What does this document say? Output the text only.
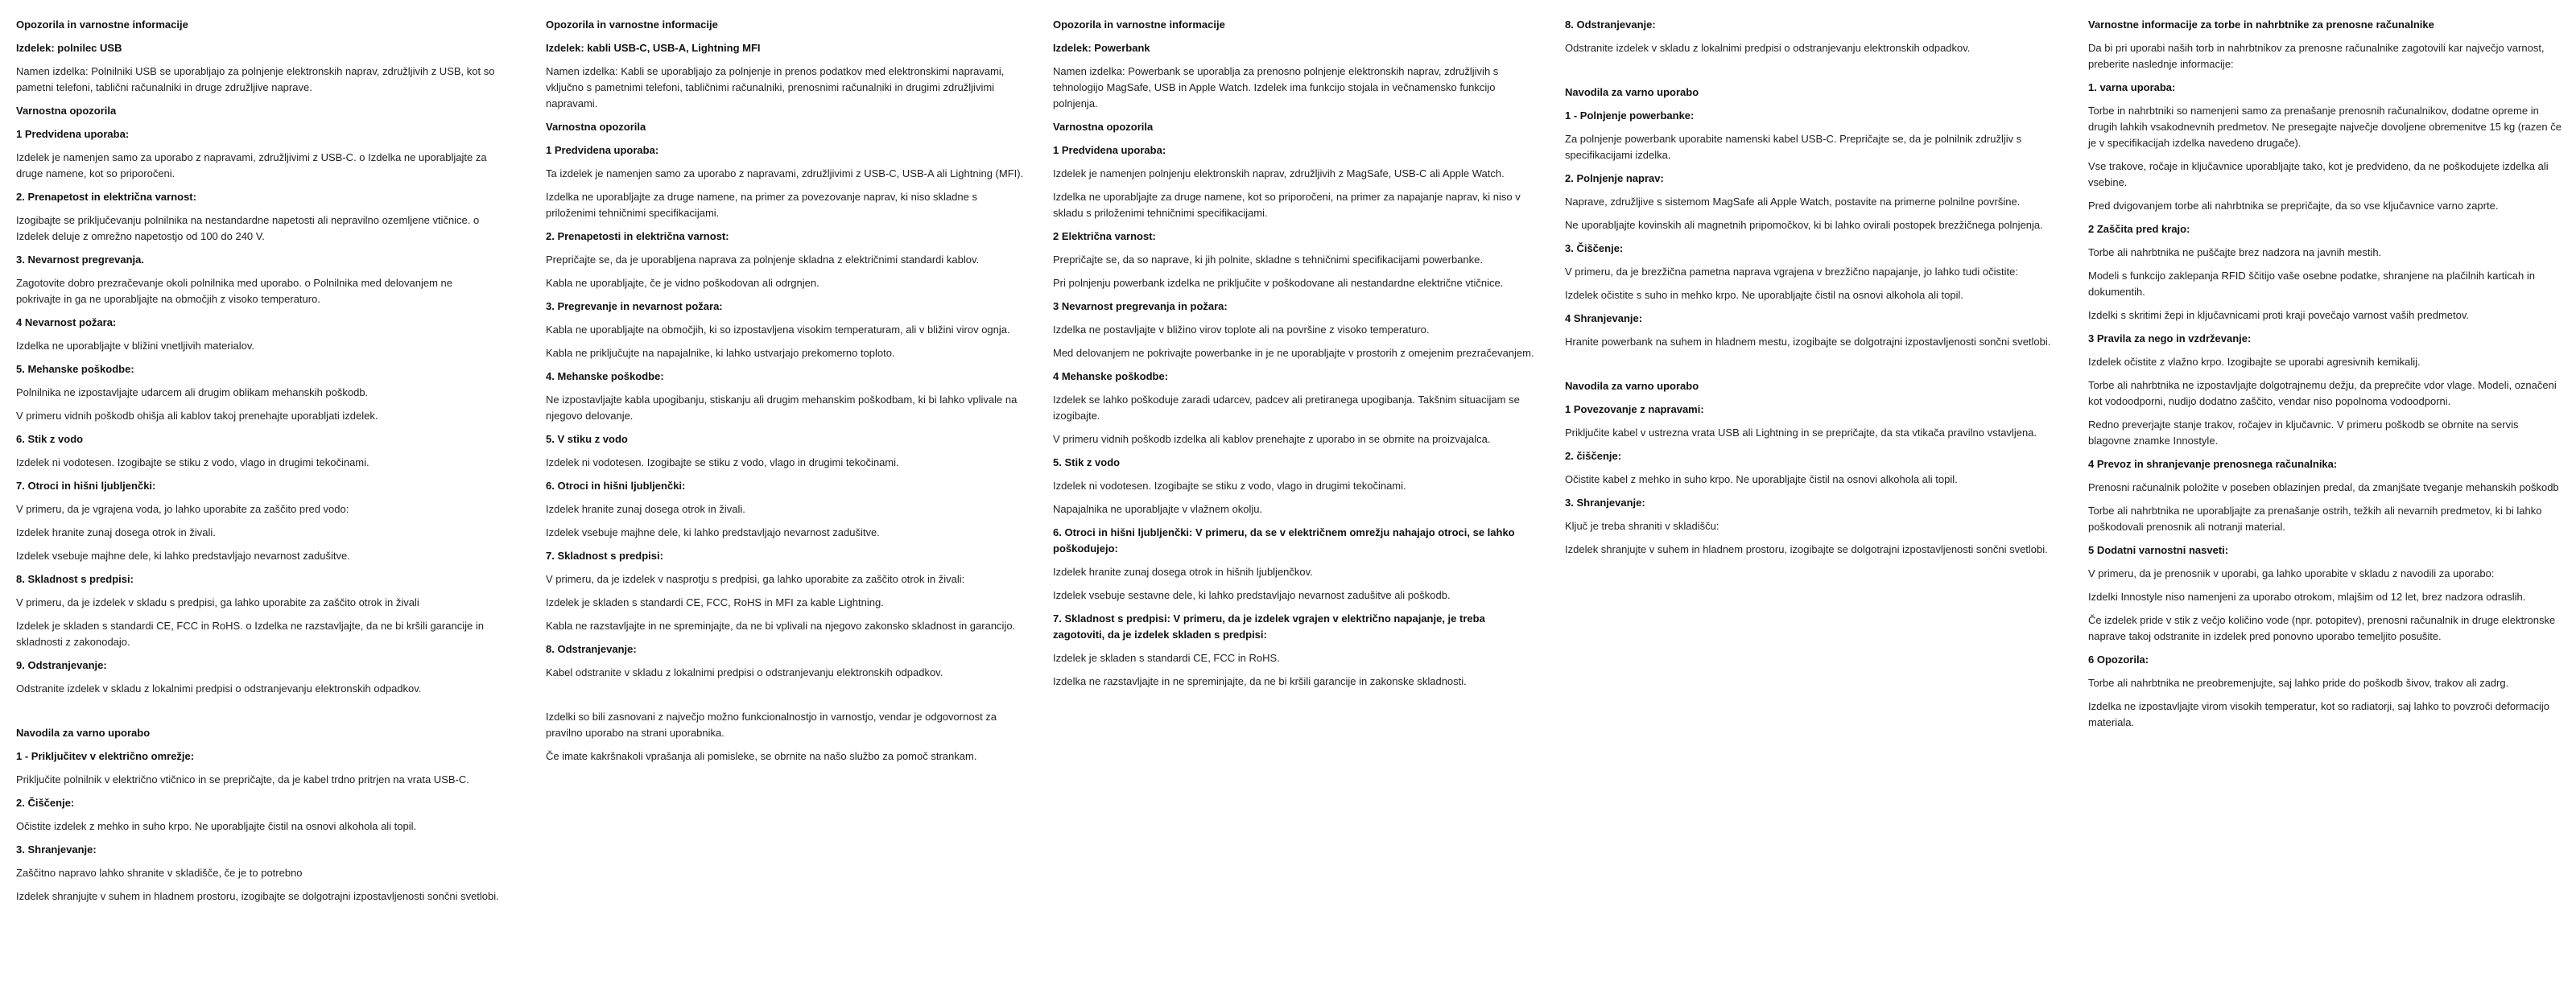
Opozorila in varnostne informacije
Izdelek: polnilec USB

Namen izdelka: Polnilniki USB se uporabljajo za polnjenje elektronskih naprav, združljivih z USB, kot so pametni telefoni, tablični računalniki in druge združljive naprave.

Varnostna opozorila
1 Predvidena uporaba:

Izdelek je namenjen samo za uporabo z napravami, združljivimi z USB-C. o Izdelka ne uporabljajte za druge namene, kot so priporočeni.

2. Prenapetost in električna varnost:

Izogibajte se priključevanju polnilnika na nestandardne napetosti ali nepravilno ozemljene vtičnice. o Izdelek deluje z omrežno napetostjo od 100 do 240 V.

3. Nevarnost pregrevanja.

Zagotovite dobro prezračevanje okoli polnilnika med uporabo. o Polnilnika med delovanjem ne pokrivajte in ga ne uporabljajte na območjih z visoko temperaturo.

4 Nevarnost požara:

Izdelka ne uporabljajte v bližini vnetljivih materialov.

5. Mehanske poškodbe:

Polnilnika ne izpostavljajte udarcem ali drugim oblikam mehanskih poškodb.

V primeru vidnih poškodb ohišja ali kablov takoj prenehajte uporabljati izdelek.

6. Stik z vodo

Izdelek ni vodotesen. Izogibajte se stiku z vodo, vlago in drugimi tekočinami.

7. Otroci in hišni ljubljenčki:

V primeru, da je vgrajena voda, jo lahko uporabite za zaščito pred vodo:

Izdelek hranite zunaj dosega otrok in živali.

Izdelek vsebuje majhne dele, ki lahko predstavljajo nevarnost zadušitve.

8. Skladnost s predpisi:

V primeru, da je izdelek v skladu s predpisi, ga lahko uporabite za zaščito otrok in živali

Izdelek je skladen s standardi CE, FCC in RoHS. o Izdelka ne razstavljajte, da ne bi kršili garancije in skladnosti z zakonodajo.

9. Odstranjevanje:

Odstranite izdelek v skladu z lokalnimi predpisi o odstranjevanju elektronskih odpadkov.

Navodila za varno uporabo
1 - Priključitev v električno omrežje:

Priključite polnilnik v električno vtičnico in se prepričajte, da je kabel trdno pritrjen na vrata USB-C.

2. Čiščenje:

Očistite izdelek z mehko in suho krpo. Ne uporabljajte čistil na osnovi alkohola ali topil.

3. Shranjevanje:

Zaščitno napravo lahko shranite v skladišče, če je to potrebno

Izdelek shranjujte v suhem in hladnem prostoru, izogibajte se dolgotrajni izpostavljenosti sončni svetlobi.

Opozorila in varnostne informacije
Izdelek: kabli USB-C, USB-A, Lightning MFI

Namen izdelka: Kabli se uporabljajo za polnjenje in prenos podatkov med elektronskimi napravami, vključno s pametnimi telefoni, tabličnimi računalniki, prenosnimi računalniki in drugimi združljivimi napravami.

Varnostna opozorila
1 Predvidena uporaba:

Ta izdelek je namenjen samo za uporabo z napravami, združljivimi z USB-C, USB-A ali Lightning (MFI).

Izdelka ne uporabljajte za druge namene, na primer za povezovanje naprav, ki niso skladne s priloženimi tehničnimi specifikacijami.

2. Prenapetosti in električna varnost:

Prepričajte se, da je uporabljena naprava za polnjenje skladna z električnimi standardi kablov.

Kabla ne uporabljajte, če je vidno poškodovan ali odrgnjen.

3. Pregrevanje in nevarnost požara:

Kabla ne uporabljajte na območjih, ki so izpostavljena visokim temperaturam, ali v bližini virov ognja.

Kabla ne priključujte na napajalnike, ki lahko ustvarjajo prekomerno toploto.

4. Mehanske poškodbe:

Ne izpostavljajte kabla upogibanju, stiskanju ali drugim mehanskim poškodbam, ki bi lahko vplivale na njegovo delovanje.

5. V stiku z vodo

Izdelek ni vodotesen. Izogibajte se stiku z vodo, vlago in drugimi tekočinami.

6. Otroci in hišni ljubljenčki:

Izdelek hranite zunaj dosega otrok in živali.

Izdelek vsebuje majhne dele, ki lahko predstavljajo nevarnost zadušitve.

7. Skladnost s predpisi:

V primeru, da je izdelek v nasprotju s predpisi, ga lahko uporabite za zaščito otrok in živali:

Izdelek je skladen s standardi CE, FCC, RoHS in MFI za kable Lightning.

Kabla ne razstavljajte in ne spreminjajte, da ne bi vplivali na njegovo zakonsko skladnost in garancijo.

8. Odstranjevanje:

Kabel odstranite v skladu z lokalnimi predpisi o odstranjevanju elektronskih odpadkov.

Izdelki so bili zasnovani z največjo možno funkcionalnostjo in varnostjo, vendar je odgovornost za pravilno uporabo na strani uporabnika.

Če imate kakršnakoli vprašanja ali pomisleke, se obrnite na našo službo za pomoč strankam.

Opozorila in varnostne informacije
Izdelek: Powerbank

Namen izdelka: Powerbank se uporablja za prenosno polnjenje elektronskih naprav, združljivih s tehnologijo MagSafe, USB in Apple Watch. Izdelek ima funkcijo stojala in večnamensko funkcijo polnjenja.

Varnostna opozorila
1 Predvidena uporaba:

Izdelek je namenjen polnjenju elektronskih naprav, združljivih z MagSafe, USB-C ali Apple Watch.

Izdelka ne uporabljajte za druge namene, kot so priporočeni, na primer za napajanje naprav, ki niso v skladu s priloženimi tehničnimi specifikacijami.

2 Električna varnost:

Prepričajte se, da so naprave, ki jih polnite, skladne s tehničnimi specifikacijami powerbanke.

Pri polnjenju powerbank izdelka ne priključite v poškodovane ali nestandardne električne vtičnice.

3 Nevarnost pregrevanja in požara:

Izdelka ne postavljajte v bližino virov toplote ali na površine z visoko temperaturo.

Med delovanjem ne pokrivajte powerbanke in je ne uporabljajte v prostorih z omejenim prezračevanjem.

4 Mehanske poškodbe:

Izdelek se lahko poškoduje zaradi udarcev, padcev ali pretiranega upogibanja. Takšnim situacijam se izogibajte.

V primeru vidnih poškodb izdelka ali kablov prenehajte z uporabo in se obrnite na proizvajalca.

5. Stik z vodo

Izdelek ni vodotesen. Izogibajte se stiku z vodo, vlago in drugimi tekočinami.

Napajalnika ne uporabljajte v vlažnem okolju.

6. Otroci in hišni ljubljenčki: V primeru, da se v električnem omrežju nahajajo otroci, se lahko poškodujejo:

Izdelek hranite zunaj dosega otrok in hišnih ljubljenčkov.

Izdelek vsebuje sestavne dele, ki lahko predstavljajo nevarnost zadušitve ali poškodb.

7. Skladnost s predpisi: V primeru, da je izdelek vgrajen v električno napajanje, je treba zagotoviti, da je izdelek skladen s predpisi:

Izdelek je skladen s standardi CE, FCC in RoHS.

Izdelka ne razstavljajte in ne spreminjajte, da ne bi kršili garancije in zakonske skladnosti.

8. Odstranjevanje:

Odstranite izdelek v skladu z lokalnimi predpisi o odstranjevanju elektronskih odpadkov.

Navodila za varno uporabo
1 - Polnjenje powerbanke:

Za polnjenje powerbank uporabite namenski kabel USB-C. Prepričajte se, da je polnilnik združljiv s specifikacijami izdelka.

2. Polnjenje naprav:

Naprave, združljive s sistemom MagSafe ali Apple Watch, postavite na primerne polnilne površine.

Ne uporabljajte kovinskih ali magnetnih pripomočkov, ki bi lahko ovirali postopek brezžičnega polnjenja.

3. Čiščenje:

V primeru, da je brezžična pametna naprava vgrajena v brezžično napajanje, jo lahko tudi očistite:

Izdelek očistite s suho in mehko krpo. Ne uporabljajte čistil na osnovi alkohola ali topil.

4 Shranjevanje:

Hranite powerbank na suhem in hladnem mestu, izogibajte se dolgotrajni izpostavljenosti sončni svetlobi.

Navodila za varno uporabo
1 Povezovanje z napravami:

Priključite kabel v ustrezna vrata USB ali Lightning in se prepričajte, da sta vtikača pravilno vstavljena.

2. čiščenje:

Očistite kabel z mehko in suho krpo. Ne uporabljajte čistil na osnovi alkohola ali topil.

3. Shranjevanje:

Ključ je treba shraniti v skladišču:

Izdelek shranjujte v suhem in hladnem prostoru, izogibajte se dolgotrajni izpostavljenosti sončni svetlobi.

Varnostne informacije za torbe in nahrbtnike za prenosne računalnike

Da bi pri uporabi naših torb in nahrbtnikov za prenosne računalnike zagotovili kar največjo varnost, preberite naslednje informacije:

1. varna uporaba:

Torbe in nahrbtniki so namenjeni samo za prenašanje prenosnih računalnikov, dodatne opreme in drugih lahkih vsakodnevnih predmetov. Ne presegajte največje dovoljene obremenitve 15 kg (razen če je v specifikacijah izdelka navedeno drugače).

Vse trakove, ročaje in ključavnice uporabljajte tako, kot je predvideno, da ne poškodujete izdelka ali vsebine.

Pred dvigovanjem torbe ali nahrbtnika se prepričajte, da so vse ključavnice varno zaprte.

2 Zaščita pred krajo:

Torbe ali nahrbtnika ne puščajte brez nadzora na javnih mestih.

Modeli s funkcijo zaklepanja RFID ščitijo vaše osebne podatke, shranjene na plačilnih karticah in dokumentih.

Izdelki s skritimi žepi in ključavnicami proti kraji povečajo varnost vaših predmetov.

3 Pravila za nego in vzdrževanje:

Izdelek očistite z vlažno krpo. Izogibajte se uporabi agresivnih kemikalij.

Torbe ali nahrbtnika ne izpostavljajte dolgotrajnemu dežju, da preprečite vdor vlage. Modeli, označeni kot vodoodporni, nudijo dodatno zaščito, vendar niso popolnoma vodoodporni.

Redno preverjajte stanje trakov, ročajev in ključavnic. V primeru poškodb se obrnite na servis blagovne znamke Innostyle.

4 Prevoz in shranjevanje prenosnega računalnika:

Prenosni računalnik položite v poseben oblazinjen predal, da zmanjšate tveganje mehanskih poškodb

Torbe ali nahrbtnika ne uporabljajte za prenašanje ostrih, težkih ali nevarnih predmetov, ki bi lahko poškodovali prenosnik ali notranji material.

5 Dodatni varnostni nasveti:

V primeru, da je prenosnik v uporabi, ga lahko uporabite v skladu z navodili za uporabo:

Izdelki Innostyle niso namenjeni za uporabo otrokom, mlajšim od 12 let, brez nadzora odraslih.

Če izdelek pride v stik z večjo količino vode (npr. potopitev), prenosni računalnik in druge elektronske naprave takoj odstranite in izdelek pred ponovno uporabo temeljito posušite.

6 Opozorila:

Torbe ali nahrbtnika ne preobremenjujte, saj lahko pride do poškodb šivov, trakov ali zadrg.

Izdelka ne izpostavljajte virom visokih temperatur, kot so radiatorji, saj lahko to povzroči deformacijo materiala.
